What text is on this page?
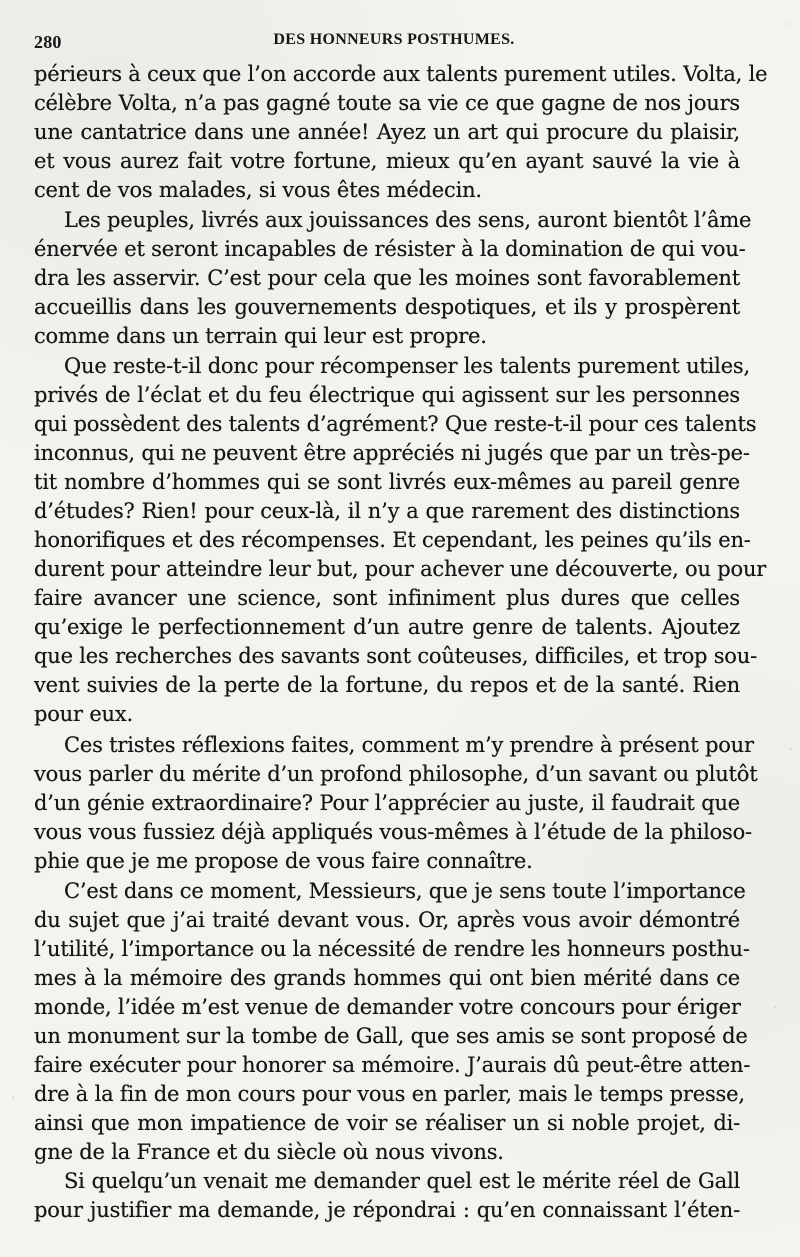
280	DES HONNEURS POSTHUMES.
périeurs à ceux que l’on accorde aux talents purement utiles. Volta, le
célèbre Volta, n’a pas gagné toute sa vie ce que gagne de nos jours
une cantatrice dans une année! Ayez un art qui procure du plaisir,
et vous aurez fait votre fortune, mieux qu’en ayant sauvé la vie à
cent de vos malades, si vous êtes médecin.
Les peuples, livrés aux jouissances des sens, auront bientôt l’âme
énervée et seront incapables de résister à la domination de qui vou-
dra les asservir. C’est pour cela que les moines sont favorablement
accueillis dans les gouvernements despotiques, et ils y prospèrent
comme dans un terrain qui leur est propre.
Que reste-t-il donc pour récompenser les talents purement utiles,
privés de l’éclat et du feu électrique qui agissent sur les personnes
qui possèdent des talents d’agrément? Que reste-t-il pour ces talents
inconnus, qui ne peuvent être appréciés ni jugés que par un très-pe-
tit nombre d’hommes qui se sont livrés eux-mêmes au pareil genre
d’études? Rien! pour ceux-là, il n’y a que rarement des distinctions
honorifiques et des récompenses. Et cependant, les peines qu’ils en-
durent pour atteindre leur but, pour achever une découverte, ou pour
faire avancer une science, sont infiniment plus dures que celles
qu’exige le perfectionnement d’un autre genre de talents. Ajoutez
que les recherches des savants sont coûteuses, difficiles, et trop sou-
vent suivies de la perte de la fortune, du repos et de la santé. Rien
pour eux.
Ces tristes réflexions faites, comment m’y prendre à présent pour
vous parler du mérite d’un profond philosophe, d’un savant ou plutôt
d’un génie extraordinaire? Pour l’apprécier au juste, il faudrait que
vous vous fussiez déjà appliqués vous-mêmes à l’étude de la philoso-
phie que je me propose de vous faire connaître.
C’est dans ce moment, Messieurs, que je sens toute l’importance
du sujet que j’ai traité devant vous. Or, après vous avoir démontré
l’utilité, l’importance ou la nécessité de rendre les honneurs posthu-
mes à la mémoire des grands hommes qui ont bien mérité dans ce
monde, l’idée m’est venue de demander votre concours pour ériger
un monument sur la tombe de Gall, que ses amis se sont proposé de
faire exécuter pour honorer sa mémoire. J’aurais dû peut-être atten-
dre à la fin de mon cours pour vous en parler, mais le temps presse,
ainsi que mon impatience de voir se réaliser un si noble projet, di-
gne de la France et du siècle où nous vivons.
Si quelqu’un venait me demander quel est le mérite réel de Gall
pour justifier ma demande, je répondrai : qu’en connaissant l’éten-
